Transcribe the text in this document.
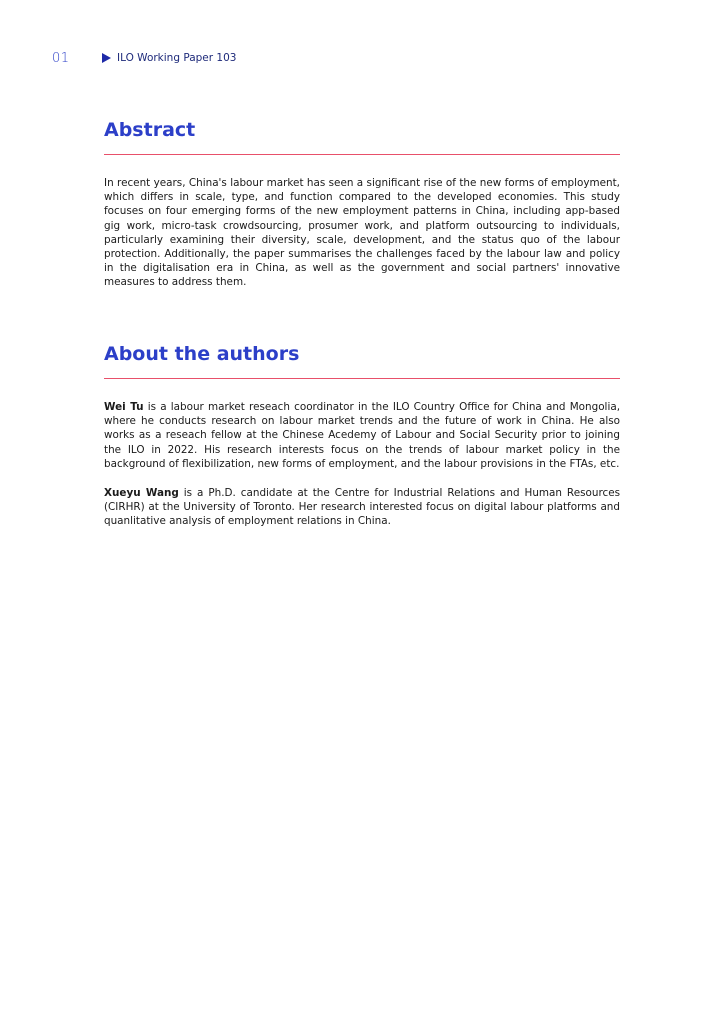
01	ILO Working Paper 103
Abstract

In recent years, China's labour market has seen a significant rise of the new forms of employment, which differs in scale, type, and function compared to the developed economies. This study focuses on four emerging forms of the new employment patterns in China, including app-based gig work, micro-task crowdsourcing, prosumer work, and platform outsourcing to individuals, particularly examining their diversity, scale, development, and the status quo of the labour protection. Additionally, the paper summarises the challenges faced by the labour law and policy in the digitalisation era in China, as well as the government and social partners' innovative measures to address them.

About the authors

Wei Tu is a labour market reseach coordinator in the ILO Country Office for China and Mongolia, where he conducts research on labour market trends and the future of work in China. He also works as a reseach fellow at the Chinese Acedemy of Labour and Social Security prior to joining the ILO in 2022. His research interests focus on the trends of labour market policy in the background of flexibilization, new forms of employment, and the labour provisions in the FTAs, etc.

Xueyu Wang is a Ph.D. candidate at the Centre for Industrial Relations and Human Resources (CIRHR) at the University of Toronto. Her research interested focus on digital labour platforms and quanlitative analysis of employment relations in China.
